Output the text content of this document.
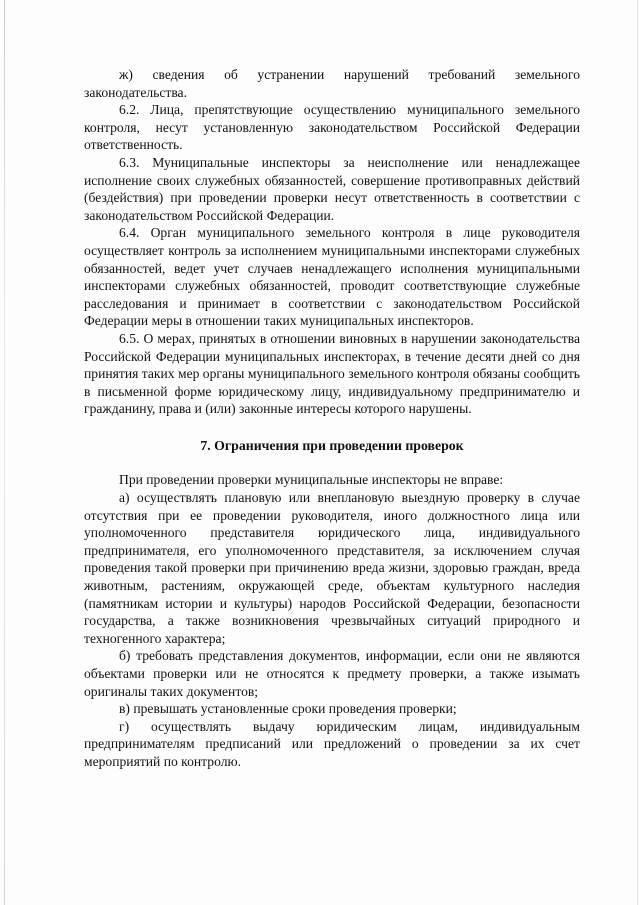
ж) сведения об устранении нарушений требований земельного законодательства.

6.2. Лица, препятствующие осуществлению муниципального земельного контроля, несут установленную законодательством Российской Федерации ответственность.

6.3. Муниципальные инспекторы за неисполнение или ненадлежащее исполнение своих служебных обязанностей, совершение противоправных действий (бездействия) при проведении проверки несут ответственность в соответствии с законодательством Российской Федерации.

6.4. Орган муниципального земельного контроля в лице руководителя осуществляет контроль за исполнением муниципальными инспекторами служебных обязанностей, ведет учет случаев ненадлежащего исполнения муниципальными инспекторами служебных обязанностей, проводит соответствующие служебные расследования и принимает в соответствии с законодательством Российской Федерации меры в отношении таких муниципальных инспекторов.

6.5. О мерах, принятых в отношении виновных в нарушении законодательства Российской Федерации муниципальных инспекторах, в течение десяти дней со дня принятия таких мер органы муниципального земельного контроля обязаны сообщить в письменной форме юридическому лицу, индивидуальному предпринимателю и гражданину, права и (или) законные интересы которого нарушены.

7. Ограничения при проведении проверок

При проведении проверки муниципальные инспекторы не вправе:

а) осуществлять плановую или внеплановую выездную проверку в случае отсутствия при ее проведении руководителя, иного должностного лица или уполномоченного представителя юридического лица, индивидуального предпринимателя, его уполномоченного представителя, за исключением случая проведения такой проверки при причинению вреда жизни, здоровью граждан, вреда животным, растениям, окружающей среде, объектам культурного наследия (памятникам истории и культуры) народов Российской Федерации, безопасности государства, а также возникновения чрезвычайных ситуаций природного и техногенного характера;

б) требовать представления документов, информации, если они не являются объектами проверки или не относятся к предмету проверки, а также изымать оригиналы таких документов;

в) превышать установленные сроки проведения проверки;

г) осуществлять выдачу юридическим лицам, индивидуальным предпринимателям предписаний или предложений о проведении за их счет мероприятий по контролю.
